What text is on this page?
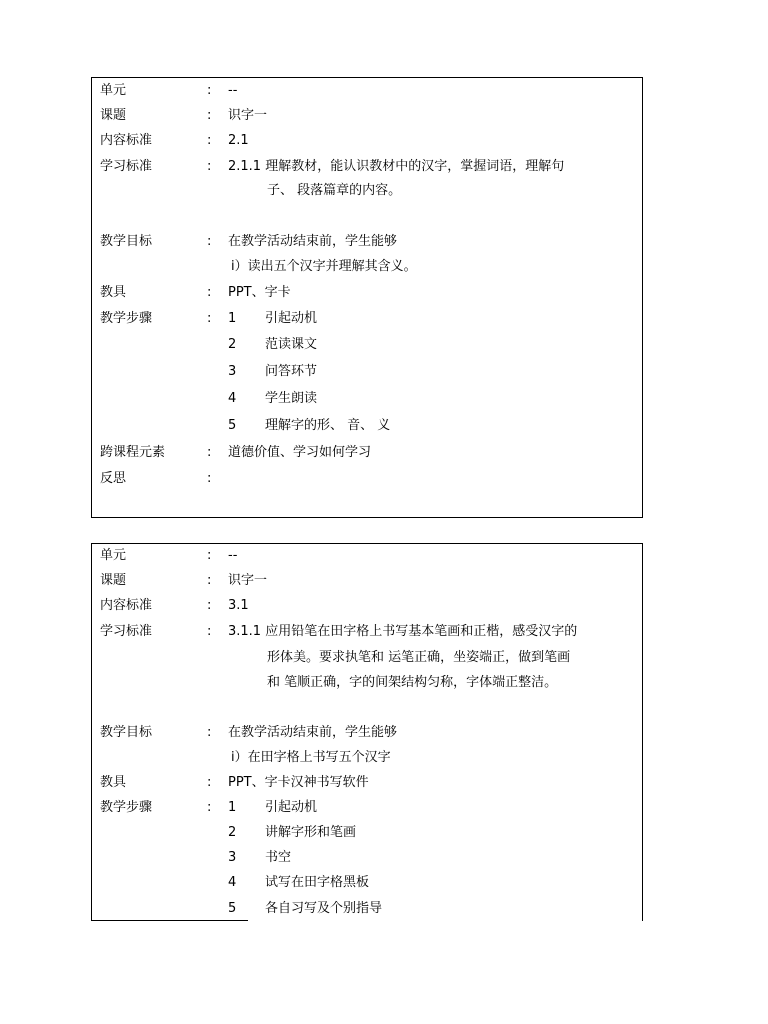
单元	: --
课题	: 识字一
内容标准	: 2.1
学习标准	: 2.1.1 理解教材，能认识教材中的汉字，掌握词语，理解句
子、 段落篇章的内容。
教学目标	: 在教学活动结束前，学生能够
i）读出五个汉字并理解其含义。
教具	: PPT、字卡
教学步骤	: 1 引起动机
2 范读课文
3 问答环节
4 学生朗读
5 理解字的形、 音、 义
跨课程元素	: 道德价值、学习如何学习
反思	:
单元	: --
课题	: 识字一
内容标准	: 3.1
学习标准	: 3.1.1 应用铅笔在田字格上书写基本笔画和正楷，感受汉字的
形体美。要求执笔和 运笔正确，坐姿端正，做到笔画
和 笔顺正确，字的间架结构匀称，字体端正整洁。
教学目标	: 在教学活动结束前，学生能够
i）在田字格上书写五个汉字
教具	: PPT、字卡汉神书写软件
教学步骤	: 1 引起动机
2 讲解字形和笔画
3 书空
4 试写在田字格黑板
5 各自习写及个别指导
